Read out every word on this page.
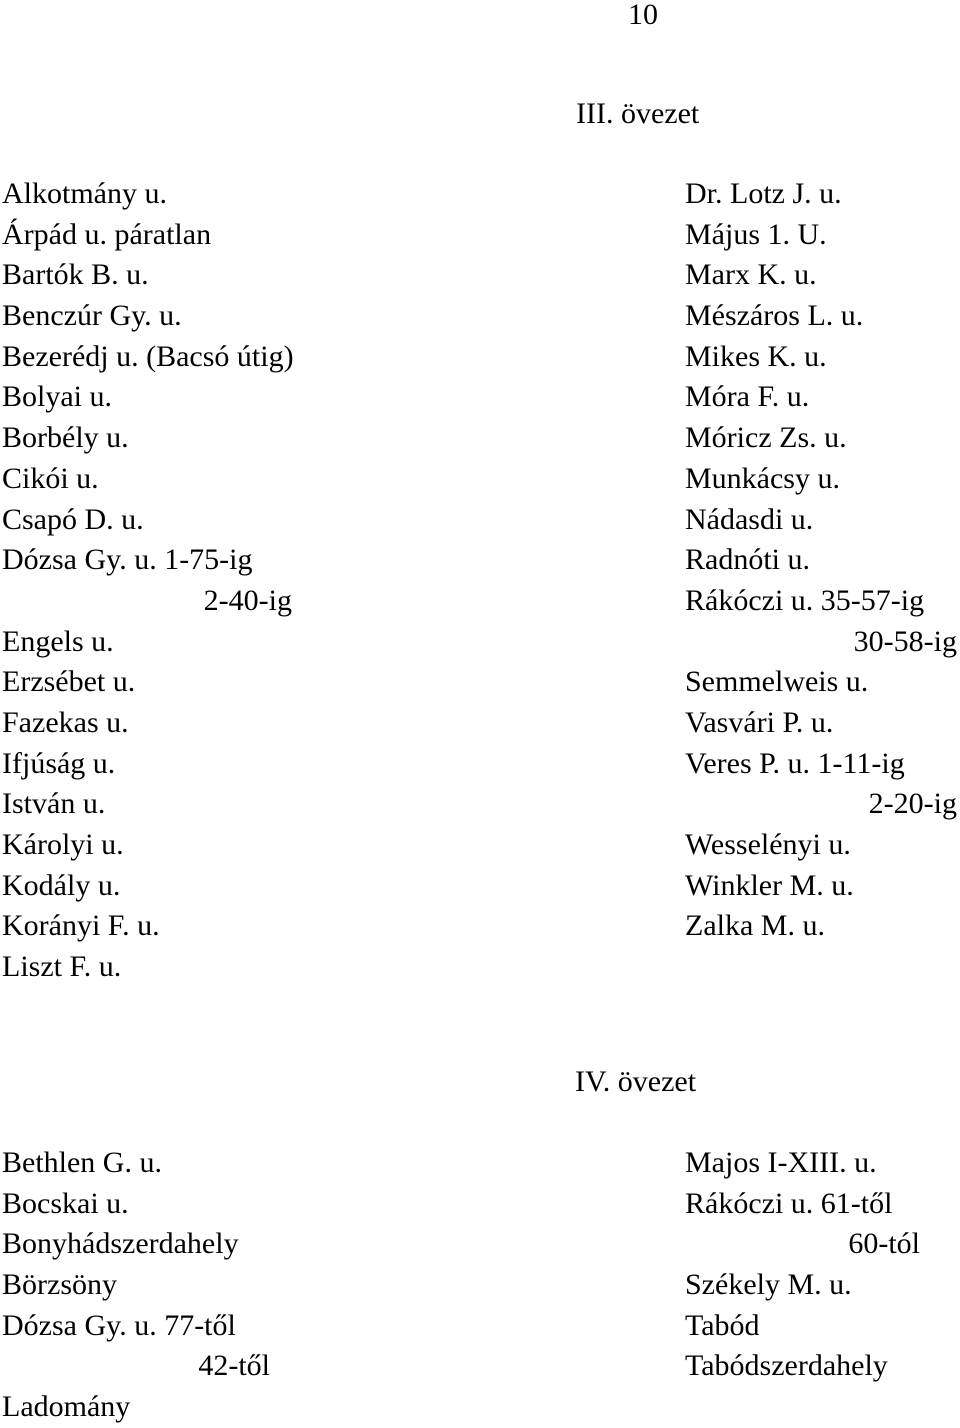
10
III. övezet
Alkotmány u.
Árpád u. páratlan
Bartók B. u.
Benczúr Gy. u.
Bezerédj u. (Bacsó útig)
Bolyai u.
Borbély u.
Cikói u.
Csapó D. u.
Dózsa Gy. u. 1-75-ig
2-40-ig
Engels u.
Erzsébet u.
Fazekas u.
Ifjúság u.
István u.
Károlyi u.
Kodály u.
Korányi F. u.
Liszt F. u.
Dr. Lotz J. u.
Május 1. U.
Marx K. u.
Mészáros L. u.
Mikes K. u.
Móra F. u.
Móricz Zs. u.
Munkácsy u.
Nádasdi u.
Radnóti u.
Rákóczi u. 35-57-ig
30-58-ig
Semmelweis u.
Vasvári P. u.
Veres P. u. 1-11-ig
2-20-ig
Wesselényi u.
Winkler M. u.
Zalka M. u.
IV. övezet
Bethlen G. u.
Bocskai u.
Bonyhádszerdahely
Börzsöny
Dózsa Gy. u. 77-től
42-től
Ladomány
Majos I-XIII. u.
Rákóczi u. 61-től
60-tól
Székely M. u.
Tabód
Tabódszerdahely
